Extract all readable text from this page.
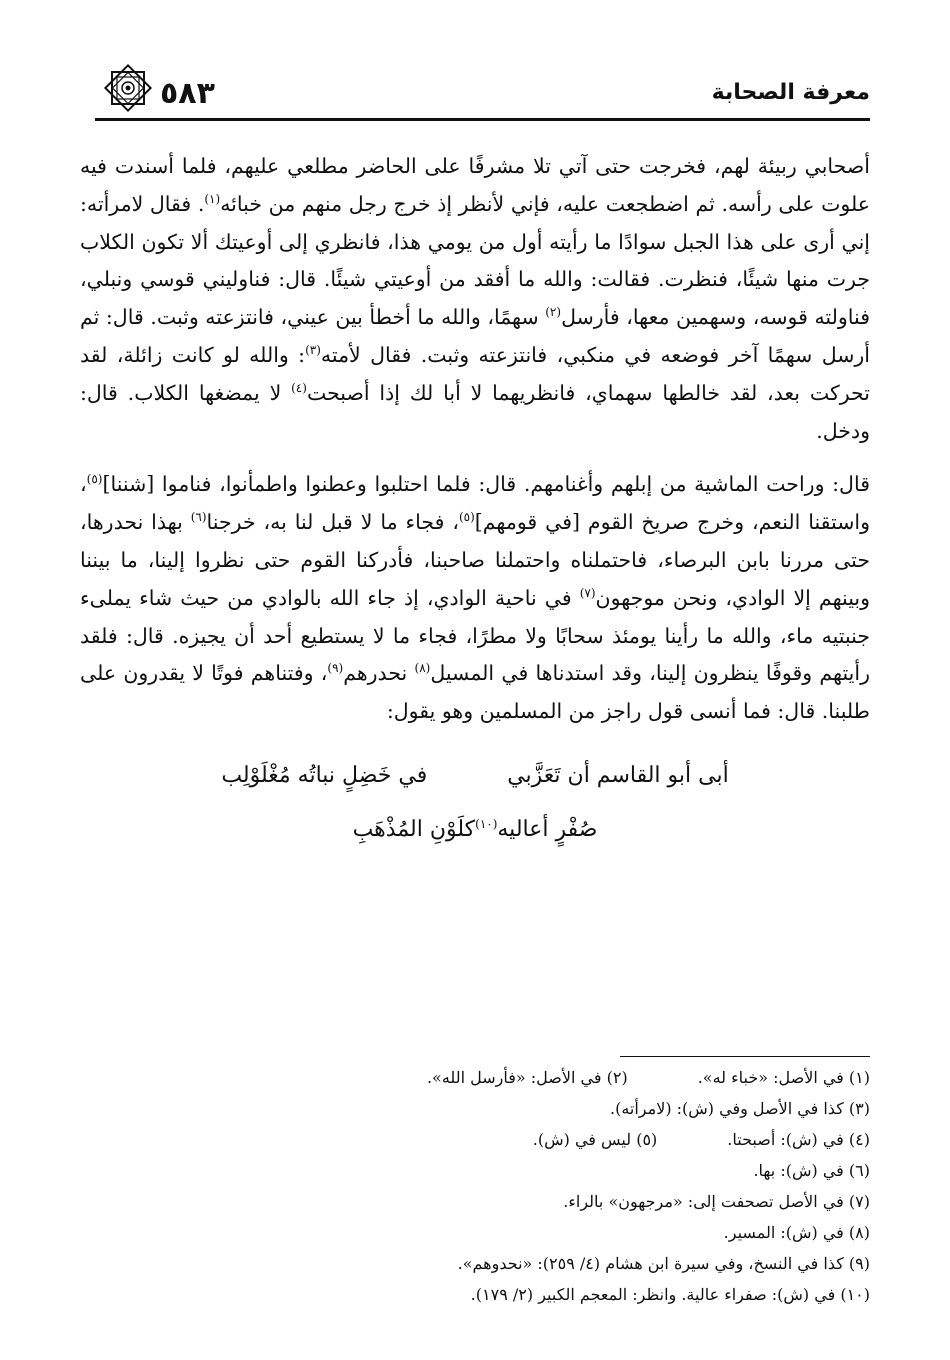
معرفة الصحابة
٥٨٣

أصحابي ربيئة لهم، فخرجت حتى آتي تلا مشرفًا على الحاضر مطلعي عليهم، فلما أسندت فيه علوت على رأسه. ثم اضطجعت عليه، فإني لأنظر إذ خرج رجل منهم من خبائه$^{(١)}$. فقال لامرأته: إني أرى على هذا الجبل سوادًا ما رأيته أول من يومي هذا، فانظري إلى أوعيتك ألا تكون الكلاب جرت منها شيئًا، فنظرت. فقالت: والله ما أفقد من أوعيتي شيئًا. قال: فناوليني قوسي ونبلي، فناولته قوسه، وسهمين معها، فأرسل$^{(٢)}$ سهمًا، والله ما أخطأ بين عيني، فانتزعته وثبت. قال: ثم أرسل سهمًا آخر فوضعه في منكبي، فانتزعته وثبت. فقال لأمته$^{(٣)}$: والله لو كانت زائلة، لقد تحركت بعد، لقد خالطها سهماي، فانظريهما لا أبا لك إذا أصبحت$^{(٤)}$ لا يمضغها الكلاب. قال: ودخل.

قال: وراحت الماشية من إبلهم وأغنامهم. قال: فلما احتلبوا وعطنوا واطمأنوا، فناموا [شننا]$^{(٥)}$، واستقنا النعم، وخرج صريخ القوم [في قومهم]$^{(٥)}$، فجاء ما لا قبل لنا به، خرجنا$^{(٦)}$ بهذا نحدرها، حتى مررنا بابن البرصاء، فاحتملناه واحتملنا صاحبنا، فأدركنا القوم حتى نظروا إلينا، ما بيننا وبينهم إلا الوادي، ونحن موجهون$^{(٧)}$ في ناحية الوادي، إذ جاء الله بالوادي من حيث شاء يملىء جنبتيه ماء، والله ما رأينا يومئذ سحابًا ولا مطرًا، فجاء ما لا يستطيع أحد أن يجيزه. قال: فلقد رأيتهم وقوفًا ينظرون إلينا، وقد استدناها في المسيل$^{(٨)}$ نحدرهم$^{(٩)}$، وفتناهم فوتًا لا يقدرون على طلبنا. قال: فما أنسى قول راجز من المسلمين وهو يقول:

أبى أبو القاسم أن تَعَزَّبي
في خَضِلٍ نباتُه مُغْلَوْلِب
صُفْرٍ أعاليه$^{(١٠)}$كلَوْنِ المُذْهَبِ
(١) في الأصل: «خباء له».
(٢) في الأصل: «فأرسل الله».
(٣) كذا في الأصل وفي (ش): (لامرأته).
(٤) في (ش): أصبحتا.
(٥) ليس في (ش).
(٦) في (ش): بها.
(٧) في الأصل تصحفت إلى: «مرجهون» بالراء.
(٨) في (ش): المسير.
(٩) كذا في النسخ، وفي سيرة ابن هشام (٤/ ٢٥٩): «نحدوهم».
(١٠) في (ش): صفراء عالية. وانظر: المعجم الكبير (٢/ ١٧٩).
